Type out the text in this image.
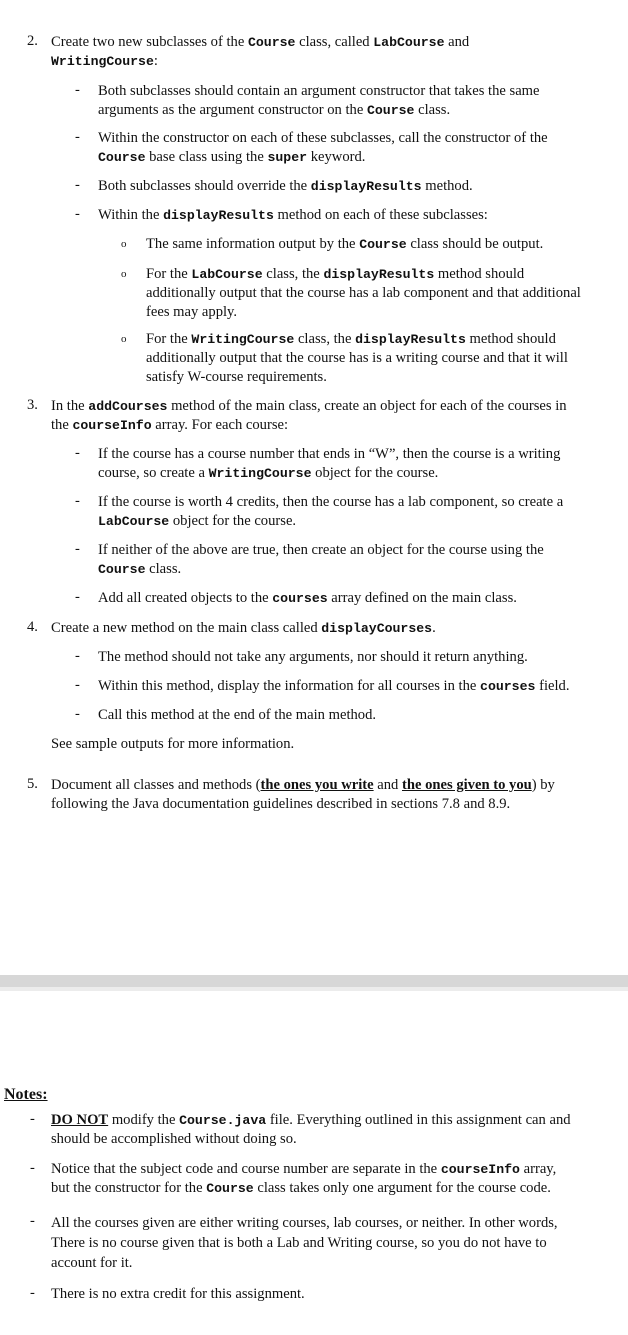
2. Create two new subclasses of the Course class, called LabCourse and
WritingCourse:
- Both subclasses should contain an argument constructor that takes the same
arguments as the argument constructor on the Course class.
- Within the constructor on each of these subclasses, call the constructor of the
Course base class using the super keyword.
- Both subclasses should override the displayResults method.
- Within the displayResults method on each of these subclasses:
o The same information output by the Course class should be output.
o For the LabCourse class, the displayResults method should
additionally output that the course has a lab component and that additional
fees may apply.
o For the WritingCourse class, the displayResults method should
additionally output that the course has is a writing course and that it will
satisfy W-course requirements.
3. In the addCourses method of the main class, create an object for each of the courses in
the courseInfo array. For each course:
- If the course has a course number that ends in “W”, then the course is a writing
course, so create a WritingCourse object for the course.
- If the course is worth 4 credits, then the course has a lab component, so create a
LabCourse object for the course.
- If neither of the above are true, then create an object for the course using the
Course class.
- Add all created objects to the courses array defined on the main class.
4. Create a new method on the main class called displayCourses.
- The method should not take any arguments, nor should it return anything.
- Within this method, display the information for all courses in the courses field.
- Call this method at the end of the main method.
See sample outputs for more information.
5. Document all classes and methods (the ones you write and the ones given to you) by
following the Java documentation guidelines described in sections 7.8 and 8.9.
Notes:
- DO NOT modify the Course.java file. Everything outlined in this assignment can and
should be accomplished without doing so.
- Notice that the subject code and course number are separate in the courseInfo array,
but the constructor for the Course class takes only one argument for the course code.
- All the courses given are either writing courses, lab courses, or neither. In other words,
There is no course given that is both a Lab and Writing course, so you do not have to
account for it.
- There is no extra credit for this assignment.
